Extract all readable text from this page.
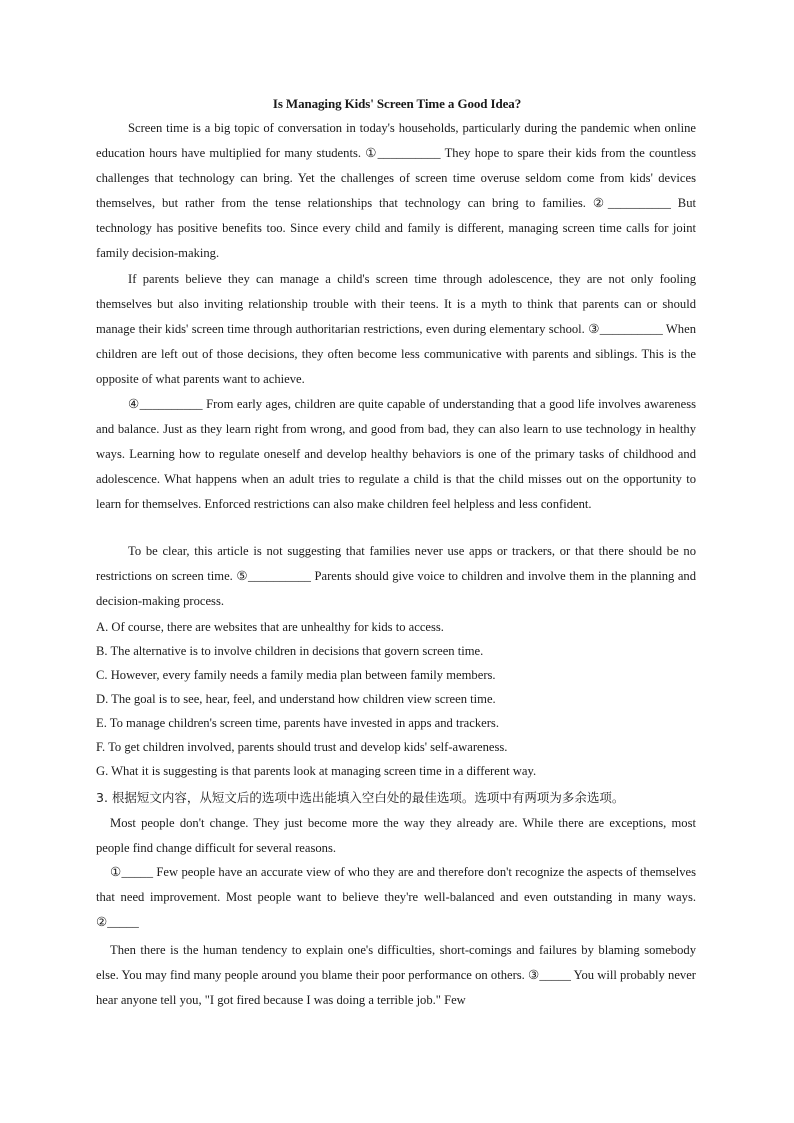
Is Managing Kids' Screen Time a Good Idea?
Screen time is a big topic of conversation in today's households, particularly during the pandemic when online education hours have multiplied for many students. ①__________ They hope to spare their kids from the countless challenges that technology can bring. Yet the challenges of screen time overuse seldom come from kids' devices themselves, but rather from the tense relationships that technology can bring to families. ②__________ But technology has positive benefits too. Since every child and family is different, managing screen time calls for joint family decision-making.
If parents believe they can manage a child's screen time through adolescence, they are not only fooling themselves but also inviting relationship trouble with their teens. It is a myth to think that parents can or should manage their kids' screen time through authoritarian restrictions, even during elementary school. ③__________ When children are left out of those decisions, they often become less communicative with parents and siblings. This is the opposite of what parents want to achieve.
④__________ From early ages, children are quite capable of understanding that a good life involves awareness and balance. Just as they learn right from wrong, and good from bad, they can also learn to use technology in healthy ways. Learning how to regulate oneself and develop healthy behaviors is one of the primary tasks of childhood and adolescence. What happens when an adult tries to regulate a child is that the child misses out on the opportunity to learn for themselves. Enforced restrictions can also make children feel helpless and less confident.
To be clear, this article is not suggesting that families never use apps or trackers, or that there should be no restrictions on screen time. ⑤__________ Parents should give voice to children and involve them in the planning and decision-making process.
A. Of course, there are websites that are unhealthy for kids to access.
B. The alternative is to involve children in decisions that govern screen time.
C. However, every family needs a family media plan between family members.
D. The goal is to see, hear, feel, and understand how children view screen time.
E. To manage children's screen time, parents have invested in apps and trackers.
F. To get children involved, parents should trust and develop kids' self-awareness.
G. What it is suggesting is that parents look at managing screen time in a different way.
3. 根据短文内容，从短文后的选项中选出能填入空白处的最佳选项。选项中有两项为多余选项。
Most people don't change. They just become more the way they already are. While there are exceptions, most people find change difficult for several reasons.
①_____ Few people have an accurate view of who they are and therefore don't recognize the aspects of themselves that need improvement. Most people want to believe they're well-balanced and even outstanding in many ways. ②_____
Then there is the human tendency to explain one's difficulties, short-comings and failures by blaming somebody else. You may find many people around you blame their poor performance on others. ③_____ You will probably never hear anyone tell you, "I got fired because I was doing a terrible job." Few
